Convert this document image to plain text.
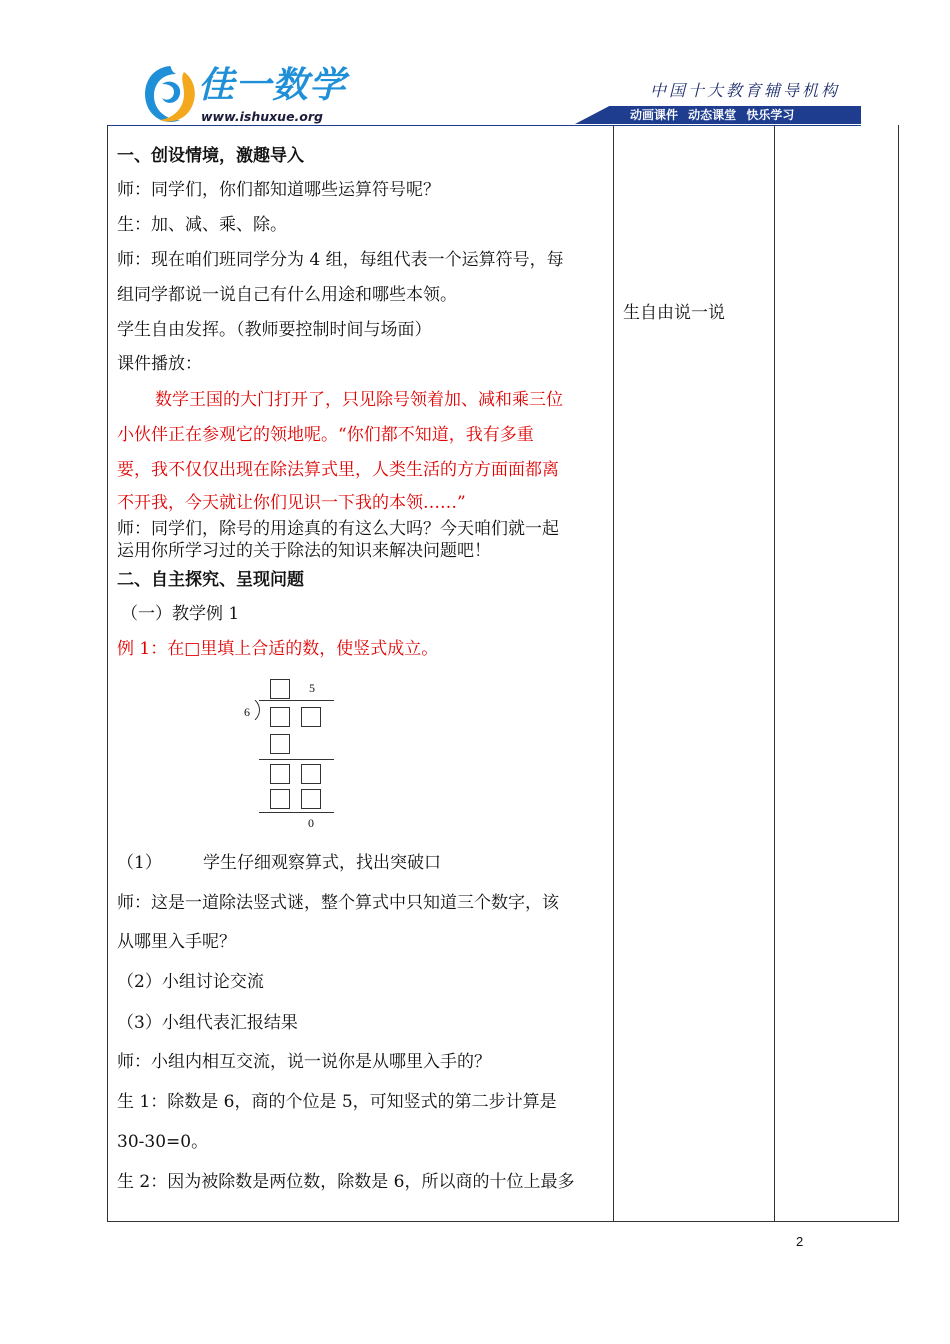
佳一数学
www.ishuxue.org
中国十大教育辅导机构
动画课件 动态课堂 快乐学习
一、创设情境，激趣导入
师：同学们，你们都知道哪些运算符号呢？
生：加、减、乘、除。
师：现在咱们班同学分为 4 组，每组代表一个运算符号，每
组同学都说一说自己有什么用途和哪些本领。
学生自由发挥。（教师要控制时间与场面）
课件播放：
数学王国的大门打开了，只见除号领着加、减和乘三位
小伙伴正在参观它的领地呢。“你们都不知道，我有多重
要，我不仅仅出现在除法算式里，人类生活的方方面面都离
不开我，今天就让你们见识一下我的本领……”
师：同学们，除号的用途真的有这么大吗？今天咱们就一起
运用你所学习过的关于除法的知识来解决问题吧！
二、自主探究、呈现问题
（一）教学例 1
例 1：在□里填上合适的数，使竖式成立。
5
6
0
（1） 学生仔细观察算式，找出突破口
师：这是一道除法竖式谜，整个算式中只知道三个数字，该
从哪里入手呢？
（2）小组讨论交流
（3）小组代表汇报结果
师：小组内相互交流，说一说你是从哪里入手的？
生 1：除数是 6，商的个位是 5，可知竖式的第二步计算是
30-30=0。
生 2：因为被除数是两位数，除数是 6，所以商的十位上最多
生自由说一说
2
